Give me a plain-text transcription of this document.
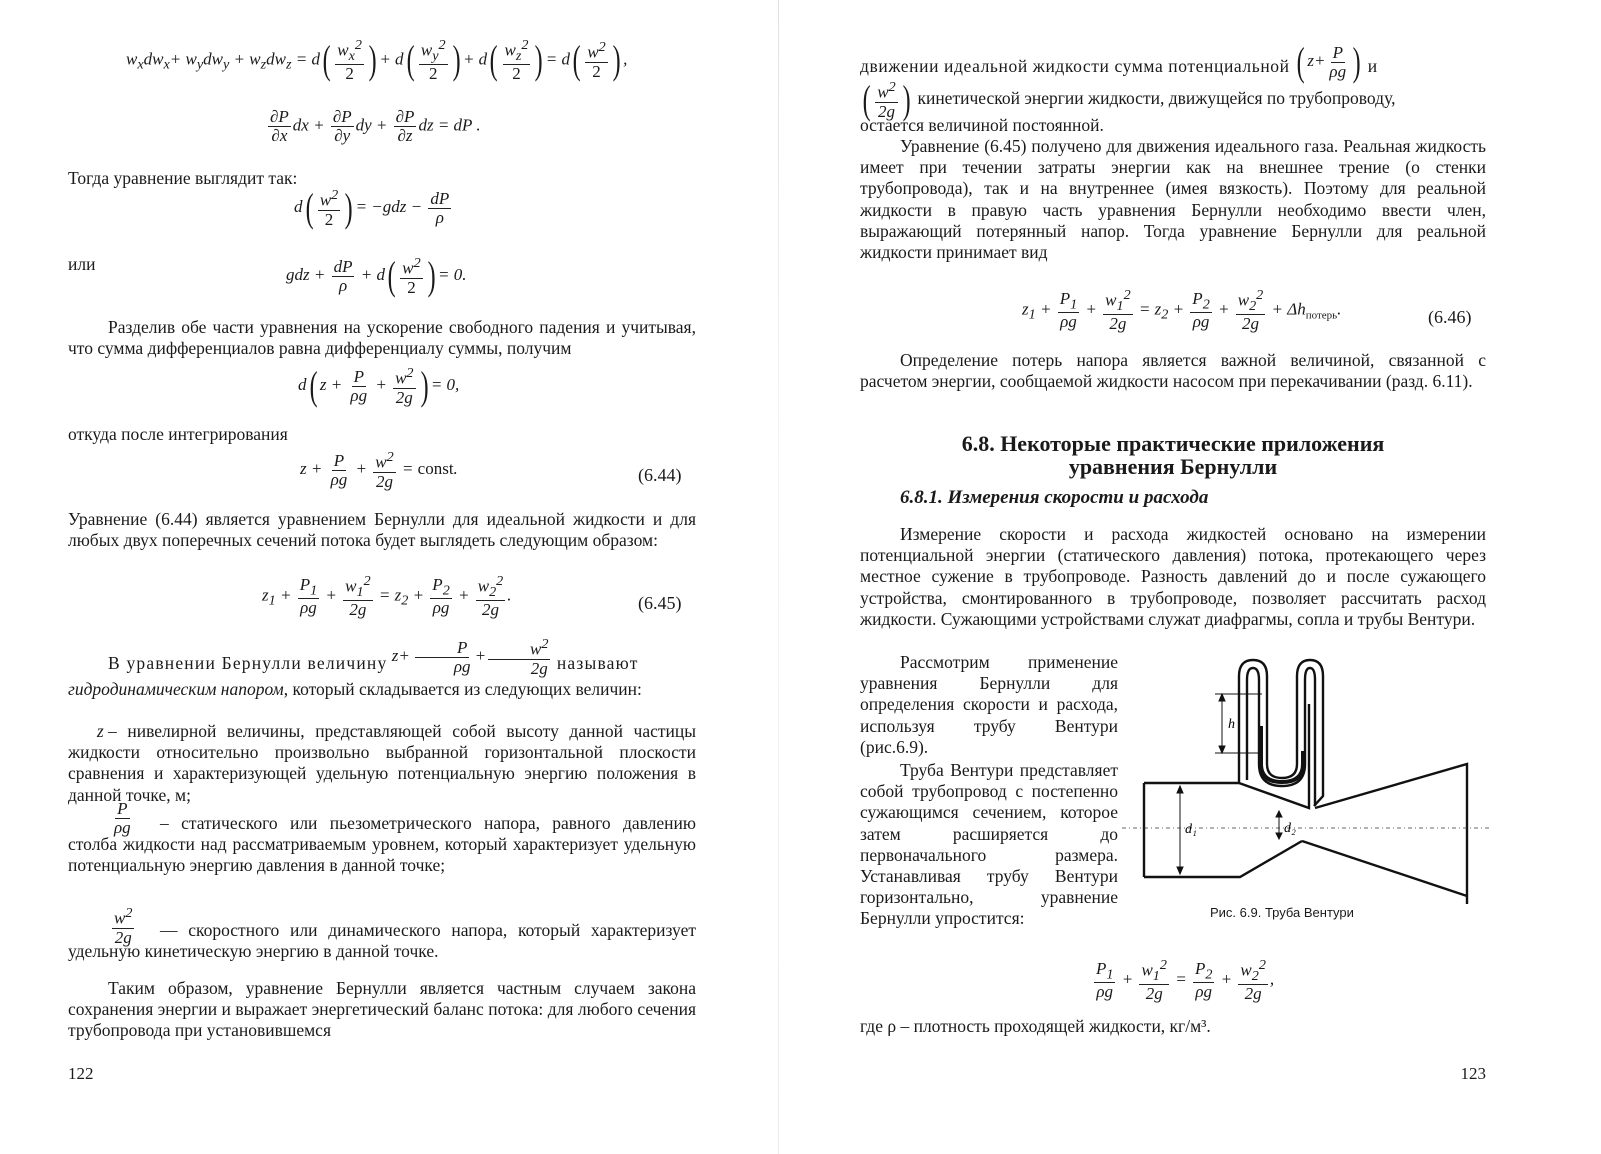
$w_xdw_x+ w_ydw_y + w_zdw_z = d( \frac{w_x^2}{2}$ ) + $d( \frac{w_y^2}{2}$ ) + $d( \frac{w_z^2}{2}$ ) = $d( \frac{w^2}{2}$ ) ,
$\frac{\partial P}{\partial x}$ dx + $\frac{\partial P}{\partial y}$ dy + $\frac{\partial P}{\partial z}$ dz = dP .

Тогда уравнение выглядит так:

$d( \frac{w^2}{2}$ ) = $-gdz - \frac{dP}{\rho}$

или

gdz + $\frac{dP}{\rho} + d( \frac{w^2}{2}$ ) = 0.

Разделив обе части уравнения на ускорение свободного падения и учитывая, что сумма дифференциалов равна дифференциалу суммы, получим

d( $z + \frac{P}{\rho g} + \frac{w^2}{2g}$ ) = 0,

откуда после интегрирования

$z + \frac{P}{\rho g} + \frac{w^2}{2g}$ = const.	(6.44)

Уравнение (6.44) является уравнением Бернулли для идеальной жидкости и для любых двух поперечных сечений потока будет выглядеть следующим образом:

$z_1 + \frac{P_1}{\rho g} + \frac{w_1^2}{2g} = z_2 + \frac{P_2}{\rho g} + \frac{w_2^2}{2g}$ .	(6.45)
В уравнении Бернулли величину $z+ \frac{P}{\rho g} + \frac{w^2}{2g}$ называют

гидродинамическим напором, который складывается из следующих величин:

z – нивелирной величины, представляющей собой высоту данной частицы жидкости относительно произвольно выбранной горизонтальной плоскости сравнения и характеризующей удельную потенциальную энергию положения в данной точке, м;

$\frac{P}{\rho g}$	– статического или пьезометрического напора, равного давлению столба жидкости над рассматриваемым уровнем, который характеризует удельную потенциальную энергию давления в данной точке;

$\frac{w^2}{2g}$	— скоростного или динамического напора, который характеризует удельную кинетическую энергию в данной точке.

Таким образом, уравнение Бернулли является частным случаем закона сохранения энергии и выражает энергетический баланс потока: для любого сечения трубопровода при установившемся

122
движении идеальной жидкости сумма потенциальной ( $z+ \frac{P}{\rho g}$ ) и
( $\frac{w^2}{2g}$ ) кинетической энергии жидкости, движущейся по трубопроводу,

остается величиной постоянной.

Уравнение (6.45) получено для движения идеального газа. Реальная жидкость имеет при течении затраты энергии как на внешнее трение (о стенки трубопровода), так и на внутреннее (имея вязкость). Поэтому для реальной жидкости в правую часть уравнения Бернулли необходимо ввести член, выражающий потерянный напор. Тогда уравнение Бернулли для реальной жидкости принимает вид

$z_1 + \frac{P_1}{\rho g} + \frac{w_1^2}{2g} = z_2 + \frac{P_2}{\rho g} + \frac{w_2^2}{2g} + \Delta h_{потерь}$.	(6.46)

Определение потерь напора является важной величиной, связанной с расчетом энергии, сообщаемой жидкости насосом при перекачивании (разд. 6.11).

6.8. Некоторые практические приложения
уравнения Бернулли
6.8.1. Измерения скорости и расхода

Измерение скорости и расхода жидкостей основано на измерении потенциальной энергии (статического давления) потока, протекающего через местное сужение в трубопроводе. Разность давлений до и после сужающего устройства, смонтированного в трубопроводе, позволяет рассчитать расход жидкости. Сужающими устройствами служат диафрагмы, сопла и трубы Вентури.

Рассмотрим применение уравнения Бернулли для определения скорости и расхода, используя трубу Вентури (рис.6.9).

Труба Вентури представляет собой трубопровод с постепенно сужающимся сечением, которое затем расширяется до первоначального размера. Устанавливая трубу Вентури горизонтально, уравнение Бернулли упростится:

h
d₁	d₂
Рис. 6.9. Труба Вентури
$\frac{P_1}{\rho g} + \frac{w_1^2}{2g} = \frac{P_2}{\rho g} + \frac{w_2^2}{2g}$ ,

где ρ – плотность проходящей жидкости, кг/м³.

123
